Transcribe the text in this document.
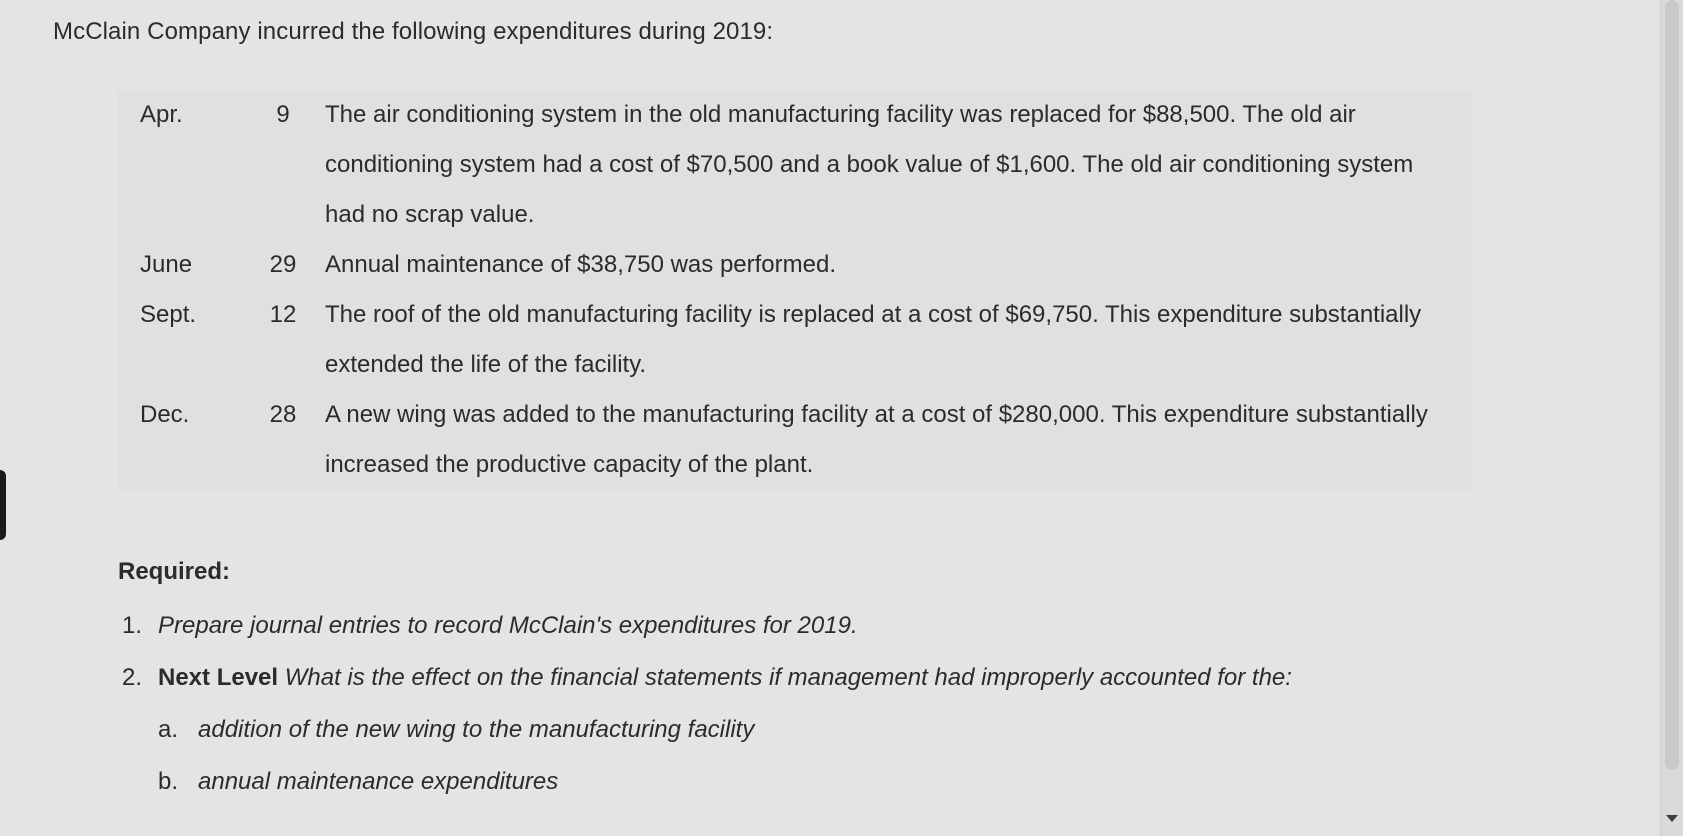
McClain Company incurred the following expenditures during 2019:
Apr.	9	The air conditioning system in the old manufacturing facility was replaced for $88,500. The old air conditioning system had a cost of $70,500 and a book value of $1,600. The old air conditioning system had no scrap value.
June	29	Annual maintenance of $38,750 was performed.
Sept.	12	The roof of the old manufacturing facility is replaced at a cost of $69,750. This expenditure substantially extended the life of the facility.
Dec.	28	A new wing was added to the manufacturing facility at a cost of $280,000. This expenditure substantially increased the productive capacity of the plant.
Required:
1. Prepare journal entries to record McClain's expenditures for 2019.
2. Next Level What is the effect on the financial statements if management had improperly accounted for the:
a. addition of the new wing to the manufacturing facility
b. annual maintenance expenditures
